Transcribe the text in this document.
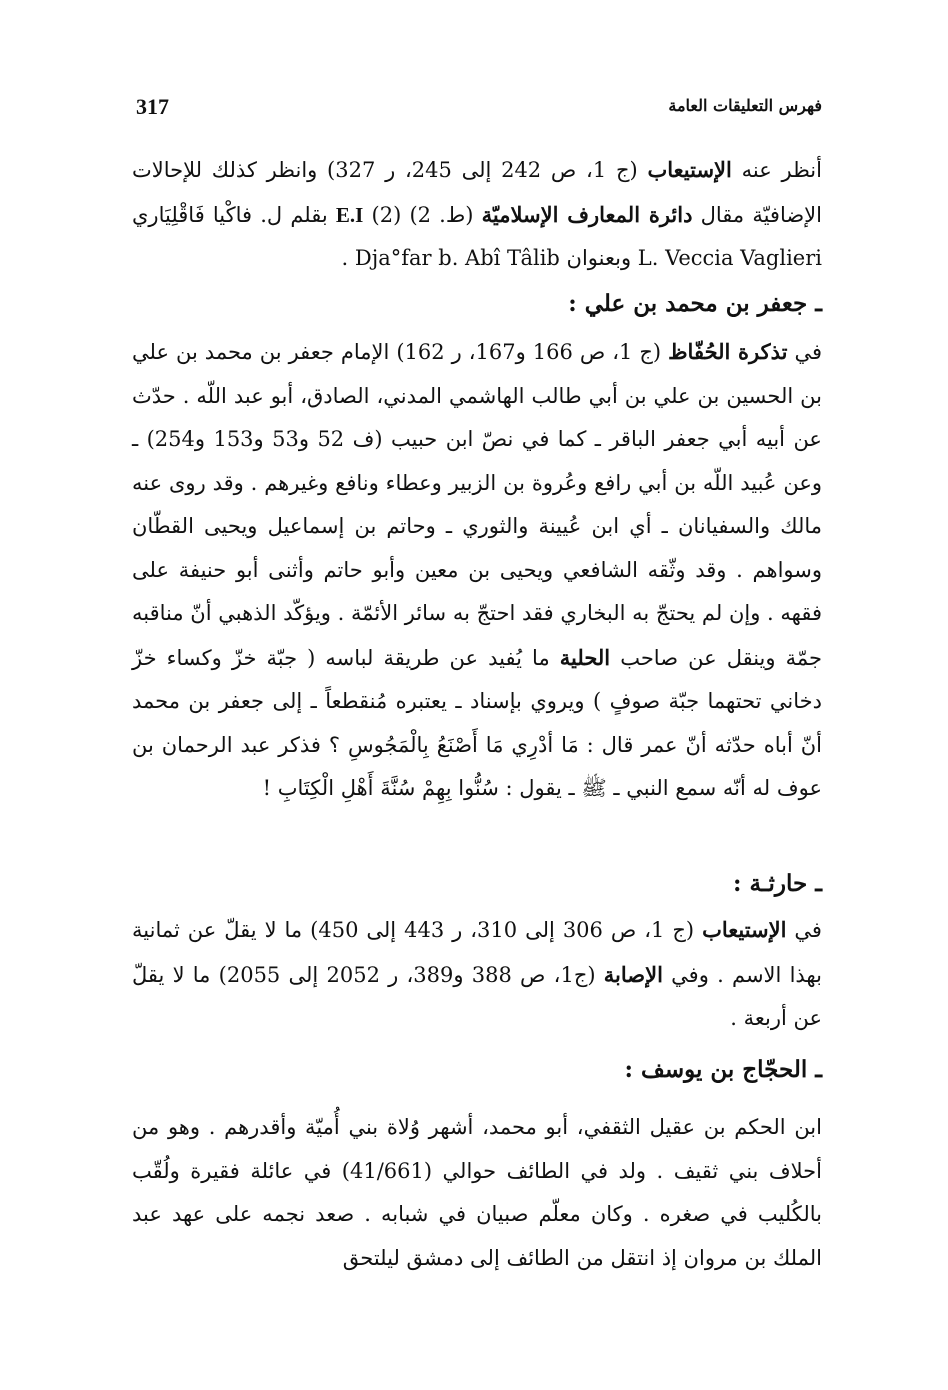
317	فهرس التعليقات العامة

أنظر عنه الإستيعاب (ج 1، ص 242 إلى 245، ر 327) وانظر كذلك للإحالات الإضافيّة مقال دائرة المعارف الإسلاميّة (ط. 2) (2) E.I بقلم ل. فاكْيا فَاقْلِيَاري L. Veccia Vaglieri وبعنوان Dja°far b. Abî Tâlib .

ـ جعفر بن محمد بن علي :

في تذكرة الحُفّاظ (ج 1، ص 166 و167، ر 162) الإمام جعفر بن محمد بن علي بن الحسين بن علي بن أبي طالب الهاشمي المدني، الصادق، أبو عبد اللّه . حدّث عن أبيه أبي جعفر الباقر ـ كما في نصّ ابن حبيب (ف 52 و53 و153 و254) ـ وعن عُبيد اللّه بن أبي رافع وعُروة بن الزبير وعطاء ونافع وغيرهم . وقد روى عنه مالك والسفيانان ـ أي ابن عُيينة والثوري ـ وحاتم بن إسماعيل ويحيى القطّان وسواهم . وقد وثّقه الشافعي ويحيى بن معين وأبو حاتم وأثنى أبو حنيفة على فقهه . وإن لم يحتجّ به البخاري فقد احتجّ به سائر الأئمّة . ويؤكّد الذهبي أنّ مناقبه جمّة وينقل عن صاحب الحلية ما يُفيد عن طريقة لباسه ( جبّة خزّ وكساء خزّ دخاني تحتهما جبّة صوفٍ ) ويروي بإسناد ـ يعتبره مُنقطعاً ـ إلى جعفر بن محمد أنّ أباه حدّثه أنّ عمر قال : مَا أدْرِي مَا أَصْنَعُ بِالْمَجُوسِ ؟ فذكر عبد الرحمان بن عوف له أنّه سمع النبي ـ ﷺ ـ يقول : سُنُّوا بِهِمْ سُنَّةَ أَهْلِ الْكِتَابِ !

ـ حارثـة :

في الإستيعاب (ج 1، ص 306 إلى 310، ر 443 إلى 450) ما لا يقلّ عن ثمانية بهذا الاسم . وفي الإصابة (ج1، ص 388 و389، ر 2052 إلى 2055) ما لا يقلّ عن أربعة .

ـ الحجّاج بن يوسف :

ابن الحكم بن عقيل الثقفي، أبو محمد، أشهر وُلاة بني أُميّة وأقدرهم . وهو من أحلاف بني ثقيف . ولد في الطائف حوالي (41/661) في عائلة فقيرة ولُقّب بالكُليب في صغره . وكان معلّم صبيان في شبابه . صعد نجمه على عهد عبد الملك بن مروان إذ انتقل من الطائف إلى دمشق ليلتحق
